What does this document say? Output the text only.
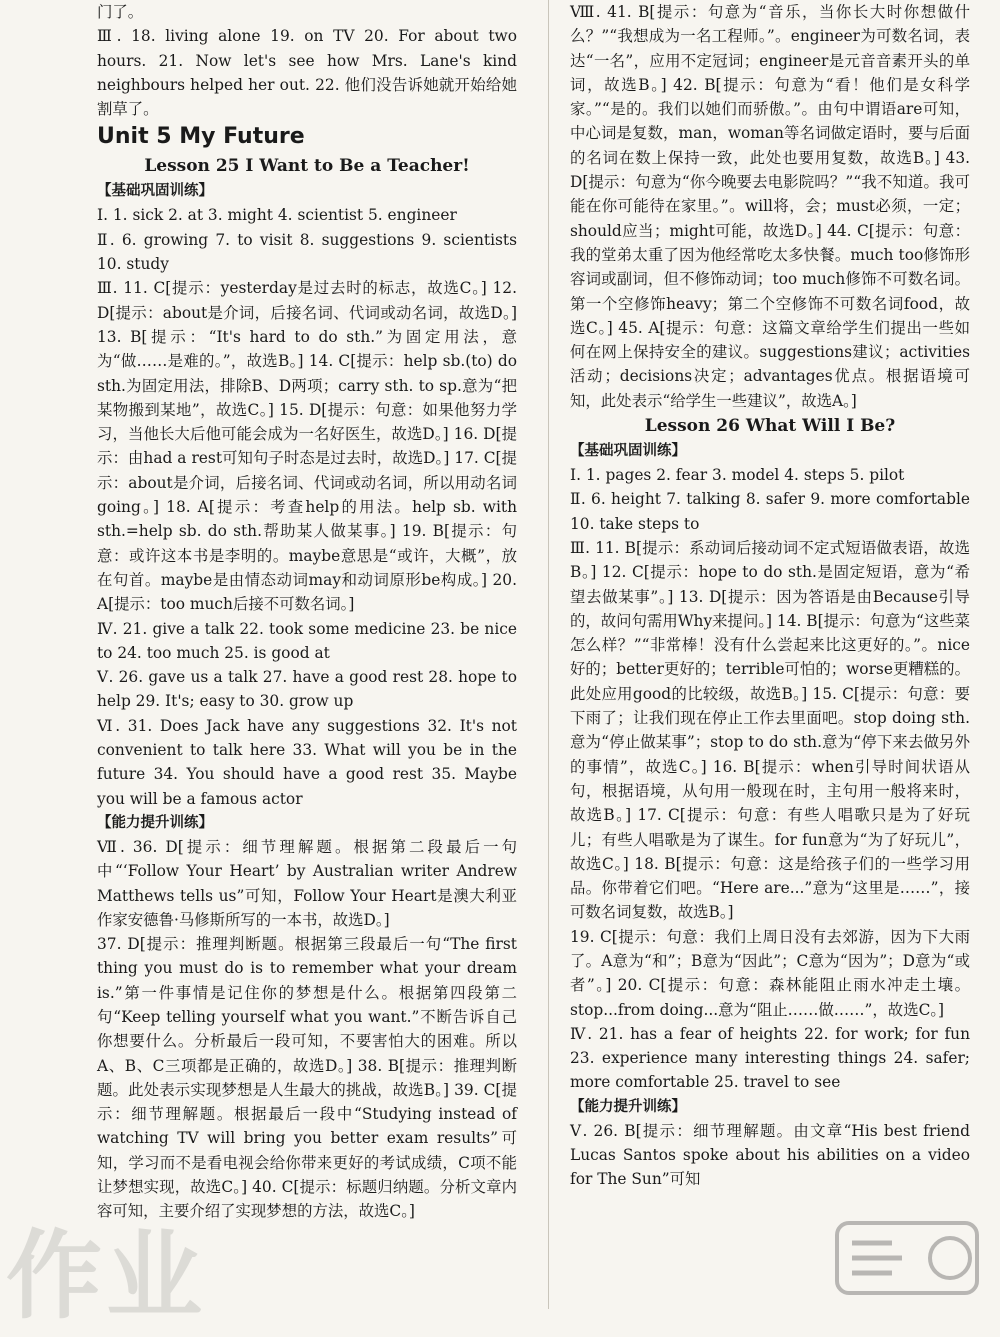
门了。

Ⅲ. 18. living alone 19. on TV 20. For about two hours. 21. Now let's see how Mrs. Lane's kind neighbours helped her out. 22. 他们没告诉她就开始给她割草了。

Unit 5 My Future
Lesson 25 I Want to Be a Teacher!
【基础巩固训练】

Ⅰ. 1. sick 2. at 3. might 4. scientist 5. engineer

Ⅱ. 6. growing 7. to visit 8. suggestions 9. scientists 10. study

Ⅲ. 11. C[提示：yesterday是过去时的标志，故选C。] 12. D[提示：about是介词，后接名词、代词或动名词，故选D。] 13. B[提示：“It's hard to do sth.”为固定用法，意为“做……是难的。”，故选B。] 14. C[提示：help sb.(to) do sth.为固定用法，排除B、D两项；carry sth. to sp.意为“把某物搬到某地”，故选C。] 15. D[提示：句意：如果他努力学习，当他长大后他可能会成为一名好医生，故选D。] 16. D[提示：由had a rest可知句子时态是过去时，故选D。] 17. C[提示：about是介词，后接名词、代词或动名词，所以用动名词going。] 18. A[提示：考查help的用法。help sb. with sth.=help sb. do sth.帮助某人做某事。] 19. B[提示：句意：或许这本书是李明的。maybe意思是“或许，大概”，放在句首。maybe是由情态动词may和动词原形be构成。] 20. A[提示：too much后接不可数名词。]

Ⅳ. 21. give a talk 22. took some medicine 23. be nice to 24. too much 25. is good at

Ⅴ. 26. gave us a talk 27. have a good rest 28. hope to help 29. It's; easy to 30. grow up

Ⅵ. 31. Does Jack have any suggestions 32. It's not convenient to talk here 33. What will you be in the future 34. You should have a good rest 35. Maybe you will be a famous actor

【能力提升训练】

Ⅶ. 36. D[提示：细节理解题。根据第二段最后一句中“‘Follow Your Heart’ by Australian writer Andrew Matthews tells us”可知，Follow Your Heart是澳大利亚作家安德鲁·马修斯所写的一本书，故选D。]
37. D[提示：推理判断题。根据第三段最后一句“The first thing you must do is to remember what your dream is.”第一件事情是记住你的梦想是什么。根据第四段第二句“Keep telling yourself what you want.”不断告诉自己你想要什么。分析最后一段可知，不要害怕大的困难。所以A、B、C三项都是正确的，故选D。] 38. B[提示：推理判断题。此处表示实现梦想是人生最大的挑战，故选B。] 39. C[提示：细节理解题。根据最后一段中“Studying instead of watching TV will bring you better exam results”可知，学习而不是看电视会给你带来更好的考试成绩，C项不能让梦想实现，故选C。] 40. C[提示：标题归纳题。分析文章内容可知，主要介绍了实现梦想的方法，故选C。]

Ⅷ. 41. B[提示：句意为“音乐，当你长大时你想做什么？”“我想成为一名工程师。”。engineer为可数名词，表达“一名”，应用不定冠词；engineer是元音音素开头的单词，故选B。] 42. B[提示：句意为“看！他们是女科学家。”“是的。我们以她们而骄傲。”。由句中谓语are可知，中心词是复数，man，woman等名词做定语时，要与后面的名词在数上保持一致，此处也要用复数，故选B。] 43. D[提示：句意为“你今晚要去电影院吗？”“我不知道。我可能在你可能待在家里。”。will将，会；must必须，一定；should应当；might可能，故选D。] 44. C[提示：句意：我的堂弟太重了因为他经常吃太多快餐。much too修饰形容词或副词，但不修饰动词；too much修饰不可数名词。第一个空修饰heavy；第二个空修饰不可数名词food，故选C。] 45. A[提示：句意：这篇文章给学生们提出一些如何在网上保持安全的建议。suggestions建议；activities活动；decisions决定；advantages优点。根据语境可知，此处表示“给学生一些建议”，故选A。]

Lesson 26 What Will I Be?
【基础巩固训练】

Ⅰ. 1. pages 2. fear 3. model 4. steps 5. pilot

Ⅱ. 6. height 7. talking 8. safer 9. more comfortable 10. take steps to

Ⅲ. 11. B[提示：系动词后接动词不定式短语做表语，故选B。] 12. C[提示：hope to do sth.是固定短语，意为“希望去做某事”。] 13. D[提示：因为答语是由Because引导的，故问句需用Why来提问。] 14. B[提示：句意为“这些菜怎么样？”“非常棒！没有什么尝起来比这更好的。”。nice好的；better更好的；terrible可怕的；worse更糟糕的。此处应用good的比较级，故选B。] 15. C[提示：句意：要下雨了；让我们现在停止工作去里面吧。stop doing sth.意为“停止做某事”；stop to do sth.意为“停下来去做另外的事情”，故选C。] 16. B[提示：when引导时间状语从句，根据语境，从句用一般现在时，主句用一般将来时，故选B。] 17. C[提示：句意：有些人唱歌只是为了好玩儿；有些人唱歌是为了谋生。for fun意为“为了好玩儿”，故选C。] 18. B[提示：句意：这是给孩子们的一些学习用品。你带着它们吧。“Here are...”意为“这里是……”，接可数名词复数，故选B。]

19. C[提示：句意：我们上周日没有去郊游，因为下大雨了。A意为“和”；B意为“因此”；C意为“因为”；D意为“或者”。] 20. C[提示：句意：森林能阻止雨水冲走土壤。stop...from doing...意为“阻止……做……”，故选C。]

Ⅳ. 21. has a fear of heights 22. for work; for fun 23. experience many interesting things 24. safer; more comfortable 25. travel to see

【能力提升训练】

Ⅴ. 26. B[提示：细节理解题。由文章“His best friend Lucas Santos spoke about his abilities on a video for The Sun”可知

作业
